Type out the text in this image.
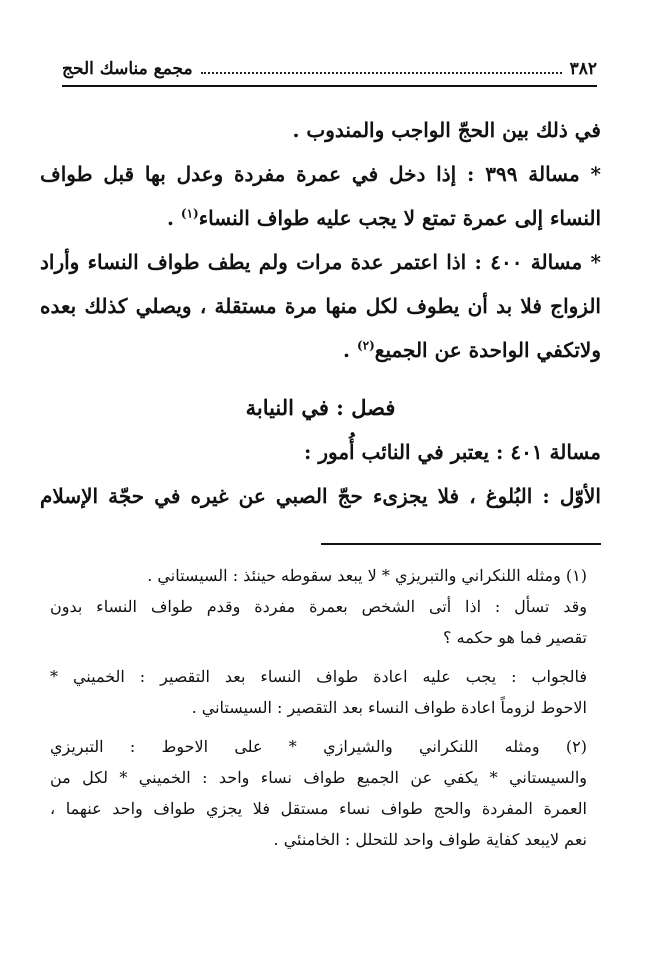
٣٨٢
مجمع مناسك الحج
في ذلك بين الحجّ الواجب والمندوب .
* مسالة ٣٩٩ : إذا دخل في عمرة مفردة وعدل بها قبل طواف
النساء إلى عمرة تمتع لا يجب عليه طواف النساء$^{(١)}$ .
* مسالة ٤٠٠ : اذا اعتمر عدة مرات ولم يطف طواف النساء وأراد
الزواج فلا بد أن يطوف لكل منها مرة مستقلة ، ويصلي كذلك بعده
ولاتكفي الواحدة عن الجميع$^{(٢)}$ .
فصل : في النيابة
مسالة ٤٠١ : يعتبر في النائب أُمور :
الأوّل : البُلوغ ، فلا يجزىء حجّ الصبي عن غيره في حجّة الإسلام
(١) ومثله اللنكراني والتبريزي * لا يبعد سقوطه حينئذ : السيستاني .
وقد تسأل : اذا أتى الشخص بعمرة مفردة وقدم طواف النساء بدون
تقصير فما هو حكمه ؟
فالجواب : يجب عليه اعادة طواف النساء بعد التقصير : الخميني *
الاحوط لزوماً اعادة طواف النساء بعد التقصير : السيستاني .
(٢) ومثله اللنكراني والشيرازي * على الاحوط : التبريزي
والسيستاني * يكفي عن الجميع طواف نساء واحد : الخميني * لكل من
العمرة المفردة والحج طواف نساء مستقل فلا يجزي طواف واحد عنهما ،
نعم لايبعد كفاية طواف واحد للتحلل : الخامنئي .
